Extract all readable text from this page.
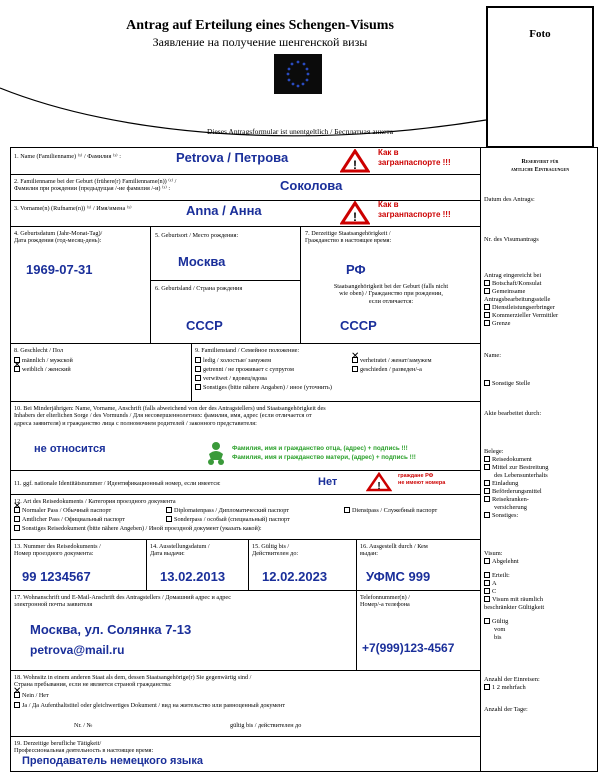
Antrag auf Erteilung eines Schengen-Visums
Заявление на получение шенгенской визы
Foto
Dieses Antragsformular ist unentgeltlich / Бесплатная анкета
1. Name (Familienname) ⁽ˣ⁾ / Фамилия ⁽ˣ⁾ :	Petrova / Петрова	!
Как в
загранпаспорте !!!
2. Familienname bei der Geburt (frühere(r) Familienname(n)) ⁽ˣ⁾ /
Фамилия при рождении (предыдущая /-ие фамилия /-и) ⁽ˣ⁾ :	Соколова
3. Vorname(n) (Rufname(n)) ⁽ˣ⁾ / Имя/имена ⁽ˣ⁾	Anna / Анна	!
Как в
загранпаспорте !!!
4. Geburtsdatum (Jahr-Monat-Tag)/
Дата рождения (год-месяц-день):
1969-07-31
5. Geburtsort / Место рождения:
Москва
6. Geburtsland / Страна рождения
СССР
7. Derzeitige Staatsangehörigkeit /
Гражданство в настоящее время:
РФ
Staatsangehörigkeit bei der Geburt (falls nicht
wie oben) / Гражданство при рождении,
если отличается:
СССР
8. Geschlecht / Пол
männlich / мужской
✕weiblich / женский
9. Familienstand / Семейное положение:
ledig / холостые/ замужем
✕	verheiratet / женат/замужем
getrennt / не проживает с супругом	geschieden / разведен/-а
verwitwet / вдовец/вдова
Sonstiges (bitte nähere Angaben) / иное (уточнить)
10. Bei Minderjährigen: Name, Vorname, Anschrift (falls abweichend von der des Antragstellers) und Staatsangehörigkeit des
Inhabers der elterlichen Sorge / des Vormunds / Для несовершеннолетних: фамилия, имя, адрес (если отличается от
адреса заявителя) и гражданство лица с полномочием родителей / законного представителя:
не относится	Фамилия, имя и гражданство отца, (адрес) + подпись !!!
Фамилия, имя и гражданство матери, (адрес) + подпись !!!
11. ggf. nationale Identitätsnummer / Идентификационный номер, если имеется:	Нет	!
граждане РФ
не имеют номера
12. Art des Reisedokuments / Категория проездного документа
✕Normaler Pass / Обычный паспорт	Diplomatenpass / Дипломатический паспорт	Dienstpass / Служебный паспорт
Amtlicher Pass / Официальный паспорт	Sonderpass / особый (специальный) паспорт
Sonstiges Reisedokument (bitte nähere Angeben) / Иной проездной документ (указать какой):
13. Nummer des Reisedokuments /
Номер проездного документа:
99 1234567
14. Ausstellungsdatum /
Дата выдачи:
13.02.2013
15. Gültig bis /
Действителен до:
12.02.2023
16. Ausgestellt durch / Кем
выдан:
УФМС 999
17. Wohnanschrift und E-Mail-Anschrift des Antragstellers / Домашний адрес и адрес
электронной почты заявителя
Москва, ул. Солянка 7-13
petrova@mail.ru
Telefonnummer(n) /
Номер/-а телефона
+7(999)123-4567
18. Wohnsitz in einem anderen Staat als dem, dessen Staatsangehörige(r) Sie gegenwärtig sind /
Страна пребывания, если не является страной гражданства:
✕Nein / Нет
Ja / Да Aufenthaltstitel oder gleichwertiges Dokument / вид на жительство или равноценный документ
Nr. / №	gültig bis / действителен до
19. Derzeitige berufliche Tätigkeit/
Профессиональная деятельность в настоящее время:
Преподаватель немецкого языка
Reserviert für
amtliche Eintragungen
Datum des Antrags:
Nr. des Visumantrags
Antrag eingereicht bei
Botschaft/Konsulat
Gemeinsame
Antragsbearbeitungsstelle
Dienstleistungserbringer
Kommerzieller Vermittler
Grenze
Name:
Sonstige Stelle
Akte bearbeitet durch:
Belege:
Reisedokument
Mittel zur Bestreitung
des Lebensunterhalts
Einladung
Beförderungsmittel
Reisekranken-
versicherung
Sonstiges:
Visum:
Abgelehnt
Erteilt:
A
C
Visum mit räumlich
beschränkter Gültigkeit
Gültig
vom
bis
Anzahl der Einreisen:
1 2 mehrfach
Anzahl der Tage:
